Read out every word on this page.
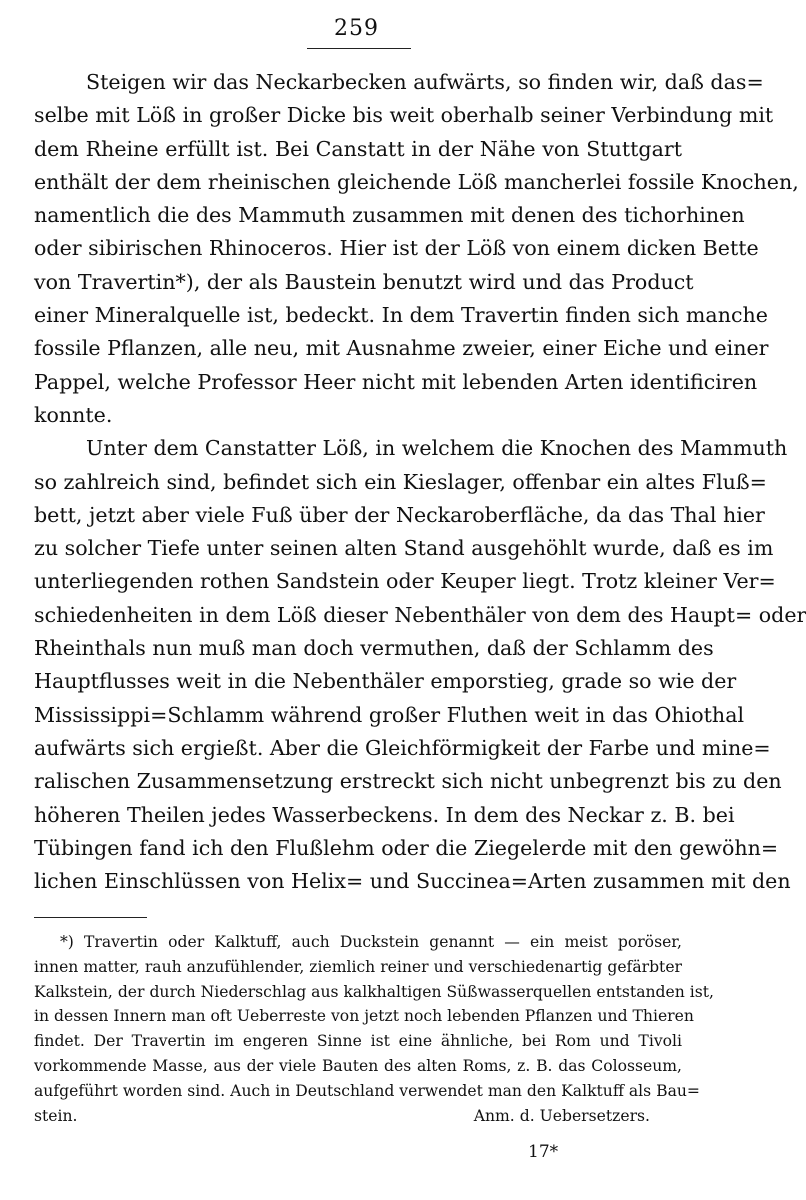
259
Steigen wir das Neckarbecken aufwärts, so finden wir, daß das=
selbe mit Löß in großer Dicke bis weit oberhalb seiner Verbindung mit
dem Rheine erfüllt ist. Bei Canstatt in der Nähe von Stuttgart
enthält der dem rheinischen gleichende Löß mancherlei fossile Knochen,
namentlich die des Mammuth zusammen mit denen des tichorhinen
oder sibirischen Rhinoceros. Hier ist der Löß von einem dicken Bette
von Travertin*), der als Baustein benutzt wird und das Product
einer Mineralquelle ist, bedeckt. In dem Travertin finden sich manche
fossile Pflanzen, alle neu, mit Ausnahme zweier, einer Eiche und einer
Pappel, welche Professor Heer nicht mit lebenden Arten identificiren
konnte.
Unter dem Canstatter Löß, in welchem die Knochen des Mammuth
so zahlreich sind, befindet sich ein Kieslager, offenbar ein altes Fluß=
bett, jetzt aber viele Fuß über der Neckaroberfläche, da das Thal hier
zu solcher Tiefe unter seinen alten Stand ausgehöhlt wurde, daß es im
unterliegenden rothen Sandstein oder Keuper liegt. Trotz kleiner Ver=
schiedenheiten in dem Löß dieser Nebenthäler von dem des Haupt= oder
Rheinthals nun muß man doch vermuthen, daß der Schlamm des
Hauptflusses weit in die Nebenthäler emporstieg, grade so wie der
Mississippi=Schlamm während großer Fluthen weit in das Ohiothal
aufwärts sich ergießt. Aber die Gleichförmigkeit der Farbe und mine=
ralischen Zusammensetzung erstreckt sich nicht unbegrenzt bis zu den
höheren Theilen jedes Wasserbeckens. In dem des Neckar z. B. bei
Tübingen fand ich den Flußlehm oder die Ziegelerde mit den gewöhn=
lichen Einschlüssen von Helix= und Succinea=Arten zusammen mit den
*) Travertin oder Kalktuff, auch Duckstein genannt — ein meist poröser,
innen matter, rauh anzufühlender, ziemlich reiner und verschiedenartig gefärbter
Kalkstein, der durch Niederschlag aus kalkhaltigen Süßwasserquellen entstanden ist,
in dessen Innern man oft Ueberreste von jetzt noch lebenden Pflanzen und Thieren
findet. Der Travertin im engeren Sinne ist eine ähnliche, bei Rom und Tivoli
vorkommende Masse, aus der viele Bauten des alten Roms, z. B. das Colosseum,
aufgeführt worden sind. Auch in Deutschland verwendet man den Kalktuff als Bau=
stein.	Anm. d. Uebersetzers.
17*
